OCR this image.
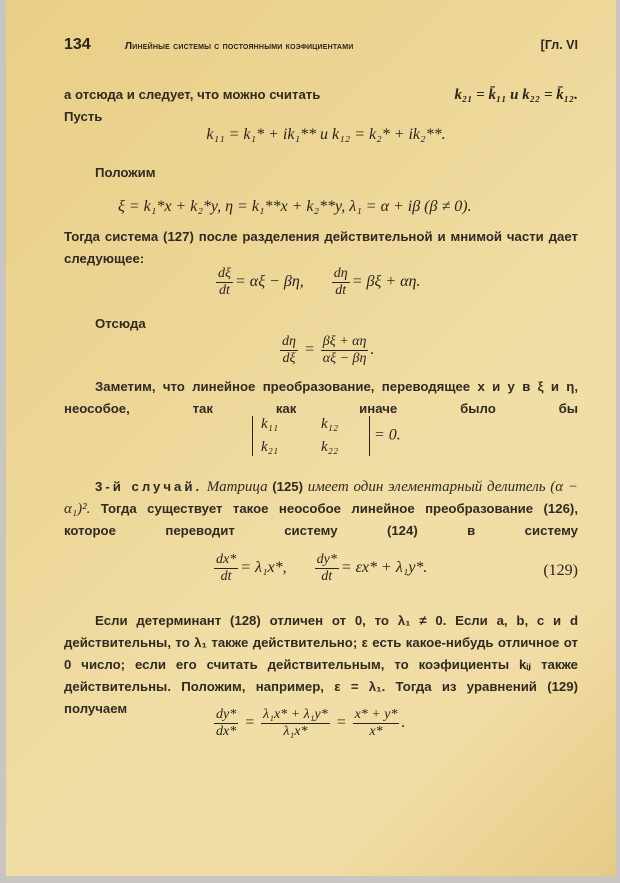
134	Линейные системы с постоянными коэфициентами	[Гл. VI
а отсюда и следует, что можно считать	k₂₁ = k̄₁₁ и k₂₂ = k̄₁₂.
Пусть
k₁₁ = k₁* + ik₁** и k₁₂ = k₂* + ik₂**.
Положим
ξ = k₁*x + k₂*y, η = k₁**x + k₂**y, λ₁ = α + iβ (β ≠ 0).
Тогда система (127) после разделения действительной и мнимой части дает следующее:
$\frac{d\xi}{dt} = \alpha\xi - \beta\eta$, $\frac{d\eta}{dt} = \beta\xi + \alpha\eta$.
Отсюда
$\frac{d\eta}{d\xi} = \frac{\beta\xi + \alpha\eta}{\alpha\xi - \beta\eta}$ .
Заметим, что линейное преобразование, переводящее x и y в ξ и η, неособое, так как иначе было бы
k₁₁	k₁₂
k₂₁	k₂₂
= 0.
3-й случай. Матрица (125) имеет один элементарный делитель (α − α₁)². Тогда существует такое неособое линейное преобразование (126), которое переводит систему (124) в систему
$\frac{dx*}{dt} = \lambda_1x*$, $\frac{dy*}{dt} = \varepsilon x* + \lambda_1y*$.	(129)
Если детерминант (128) отличен от 0, то λ₁ ≠ 0. Если a, b, c и d действительны, то λ₁ также действительно; ε есть какое-нибудь отличное от 0 число; если его считать действительным, то коэфициенты kᵢⱼ также действительны. Положим, например, ε = λ₁. Тогда из уравнений (129) получаем	$\frac{dy*}{dx*} = \frac{\text{λ₁x* + λ₁y*}}{\text{λ₁x*}} = \frac{x* + y*}{x*}$ .
